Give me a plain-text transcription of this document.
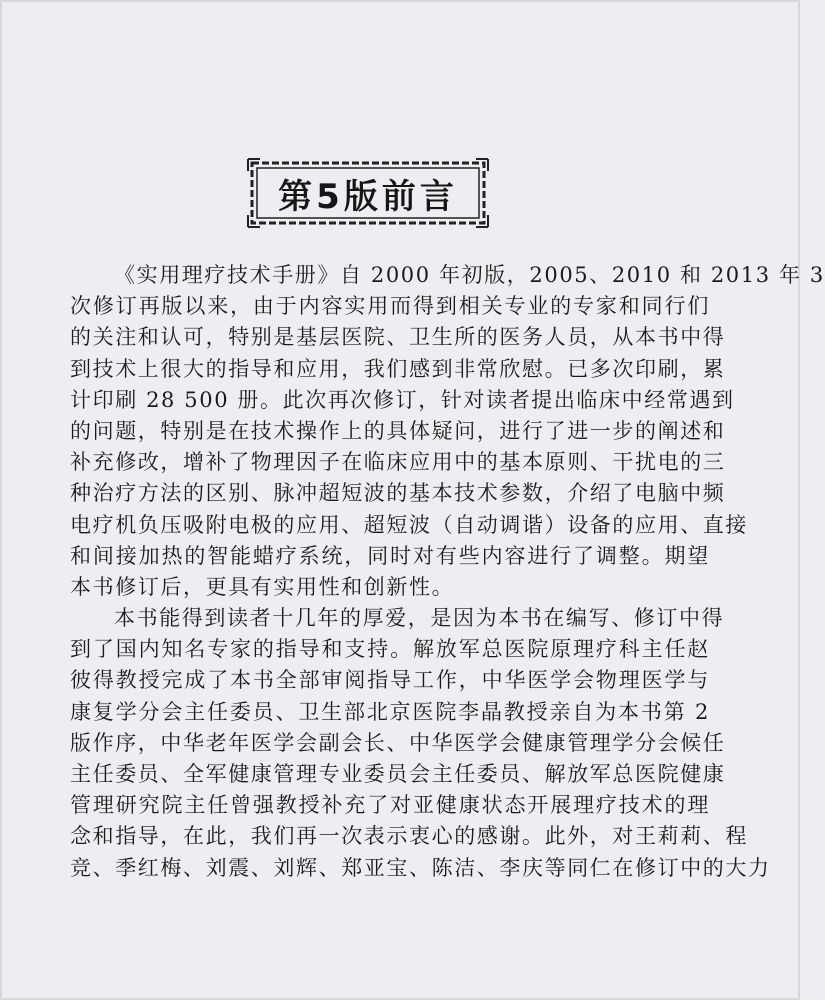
第5版前言
《实用理疗技术手册》自 2000 年初版，2005、2010 和 2013 年 3
次修订再版以来，由于内容实用而得到相关专业的专家和同行们
的关注和认可，特别是基层医院、卫生所的医务人员，从本书中得
到技术上很大的指导和应用，我们感到非常欣慰。已多次印刷，累
计印刷 28 500 册。此次再次修订，针对读者提出临床中经常遇到
的问题，特别是在技术操作上的具体疑问，进行了进一步的阐述和
补充修改，增补了物理因子在临床应用中的基本原则、干扰电的三
种治疗方法的区别、脉冲超短波的基本技术参数，介绍了电脑中频
电疗机负压吸附电极的应用、超短波（自动调谐）设备的应用、直接
和间接加热的智能蜡疗系统，同时对有些内容进行了调整。期望
本书修订后，更具有实用性和创新性。
本书能得到读者十几年的厚爱，是因为本书在编写、修订中得
到了国内知名专家的指导和支持。解放军总医院原理疗科主任赵
彼得教授完成了本书全部审阅指导工作，中华医学会物理医学与
康复学分会主任委员、卫生部北京医院李晶教授亲自为本书第 2
版作序，中华老年医学会副会长、中华医学会健康管理学分会候任
主任委员、全军健康管理专业委员会主任委员、解放军总医院健康
管理研究院主任曾强教授补充了对亚健康状态开展理疗技术的理
念和指导，在此，我们再一次表示衷心的感谢。此外，对王莉莉、程
竞、季红梅、刘震、刘辉、郑亚宝、陈洁、李庆等同仁在修订中的大力
